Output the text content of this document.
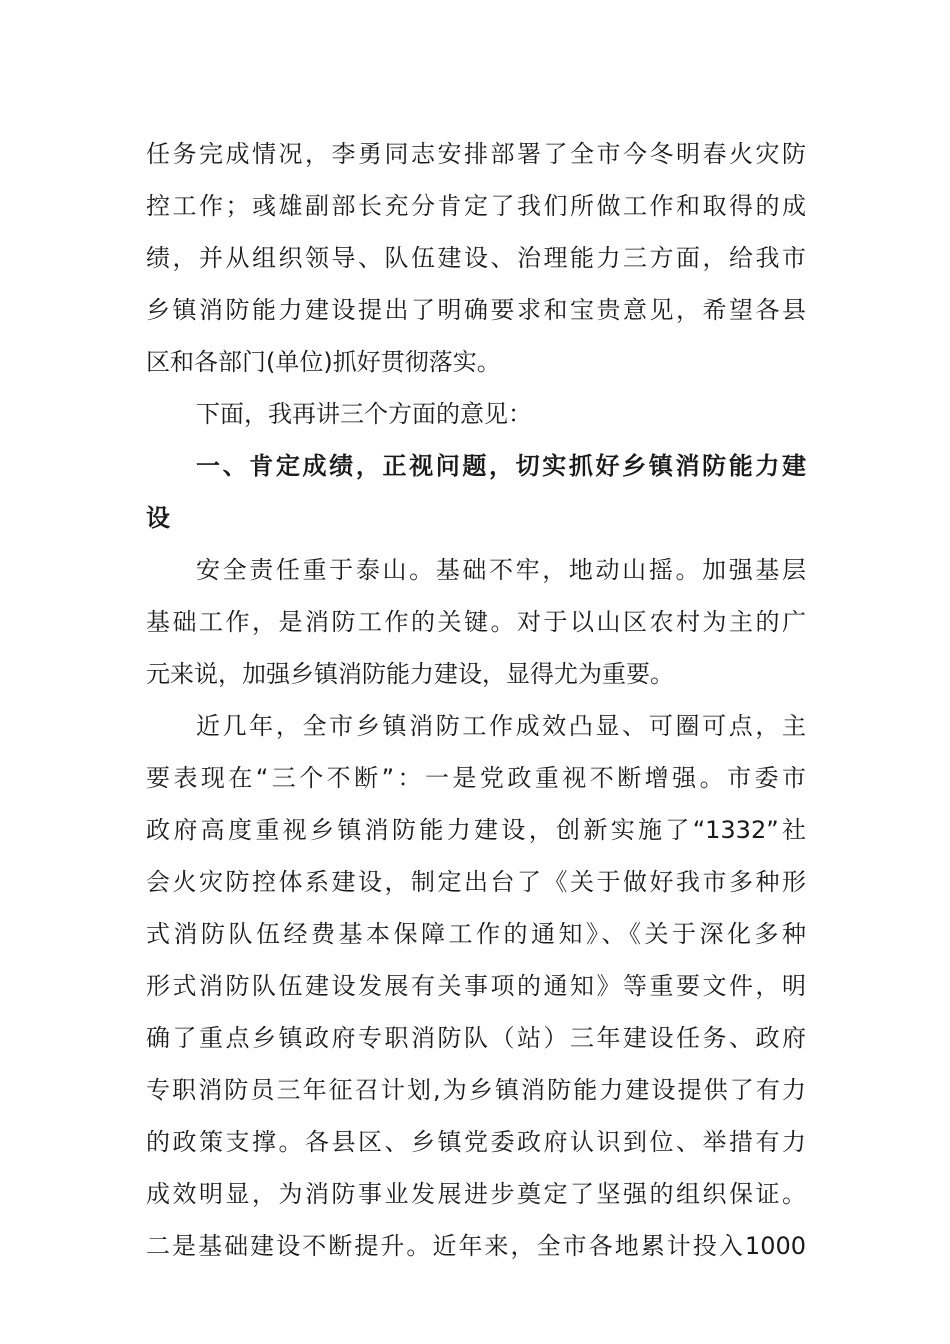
任务完成情况，李勇同志安排部署了全市今冬明春火灾防
控工作；彧雄副部长充分肯定了我们所做工作和取得的成
绩，并从组织领导、队伍建设、治理能力三方面，给我市
乡镇消防能力建设提出了明确要求和宝贵意见，希望各县
区和各部门(单位)抓好贯彻落实。
下面，我再讲三个方面的意见：
一、肯定成绩，正视问题，切实抓好乡镇消防能力建
设
安全责任重于泰山。基础不牢，地动山摇。加强基层
基础工作，是消防工作的关键。对于以山区农村为主的广
元来说，加强乡镇消防能力建设，显得尤为重要。
近几年，全市乡镇消防工作成效凸显、可圈可点，主
要表现在“三个不断”：一是党政重视不断增强。市委市
政府高度重视乡镇消防能力建设，创新实施了“1332”社
会火灾防控体系建设，制定出台了《关于做好我市多种形
式消防队伍经费基本保障工作的通知》、《关于深化多种
形式消防队伍建设发展有关事项的通知》等重要文件，明
确了重点乡镇政府专职消防队（站）三年建设任务、政府
专职消防员三年征召计划,为乡镇消防能力建设提供了有力
的政策支撑。各县区、乡镇党委政府认识到位、举措有力
成效明显，为消防事业发展进步奠定了坚强的组织保证。
二是基础建设不断提升。近年来，全市各地累计投入1000
